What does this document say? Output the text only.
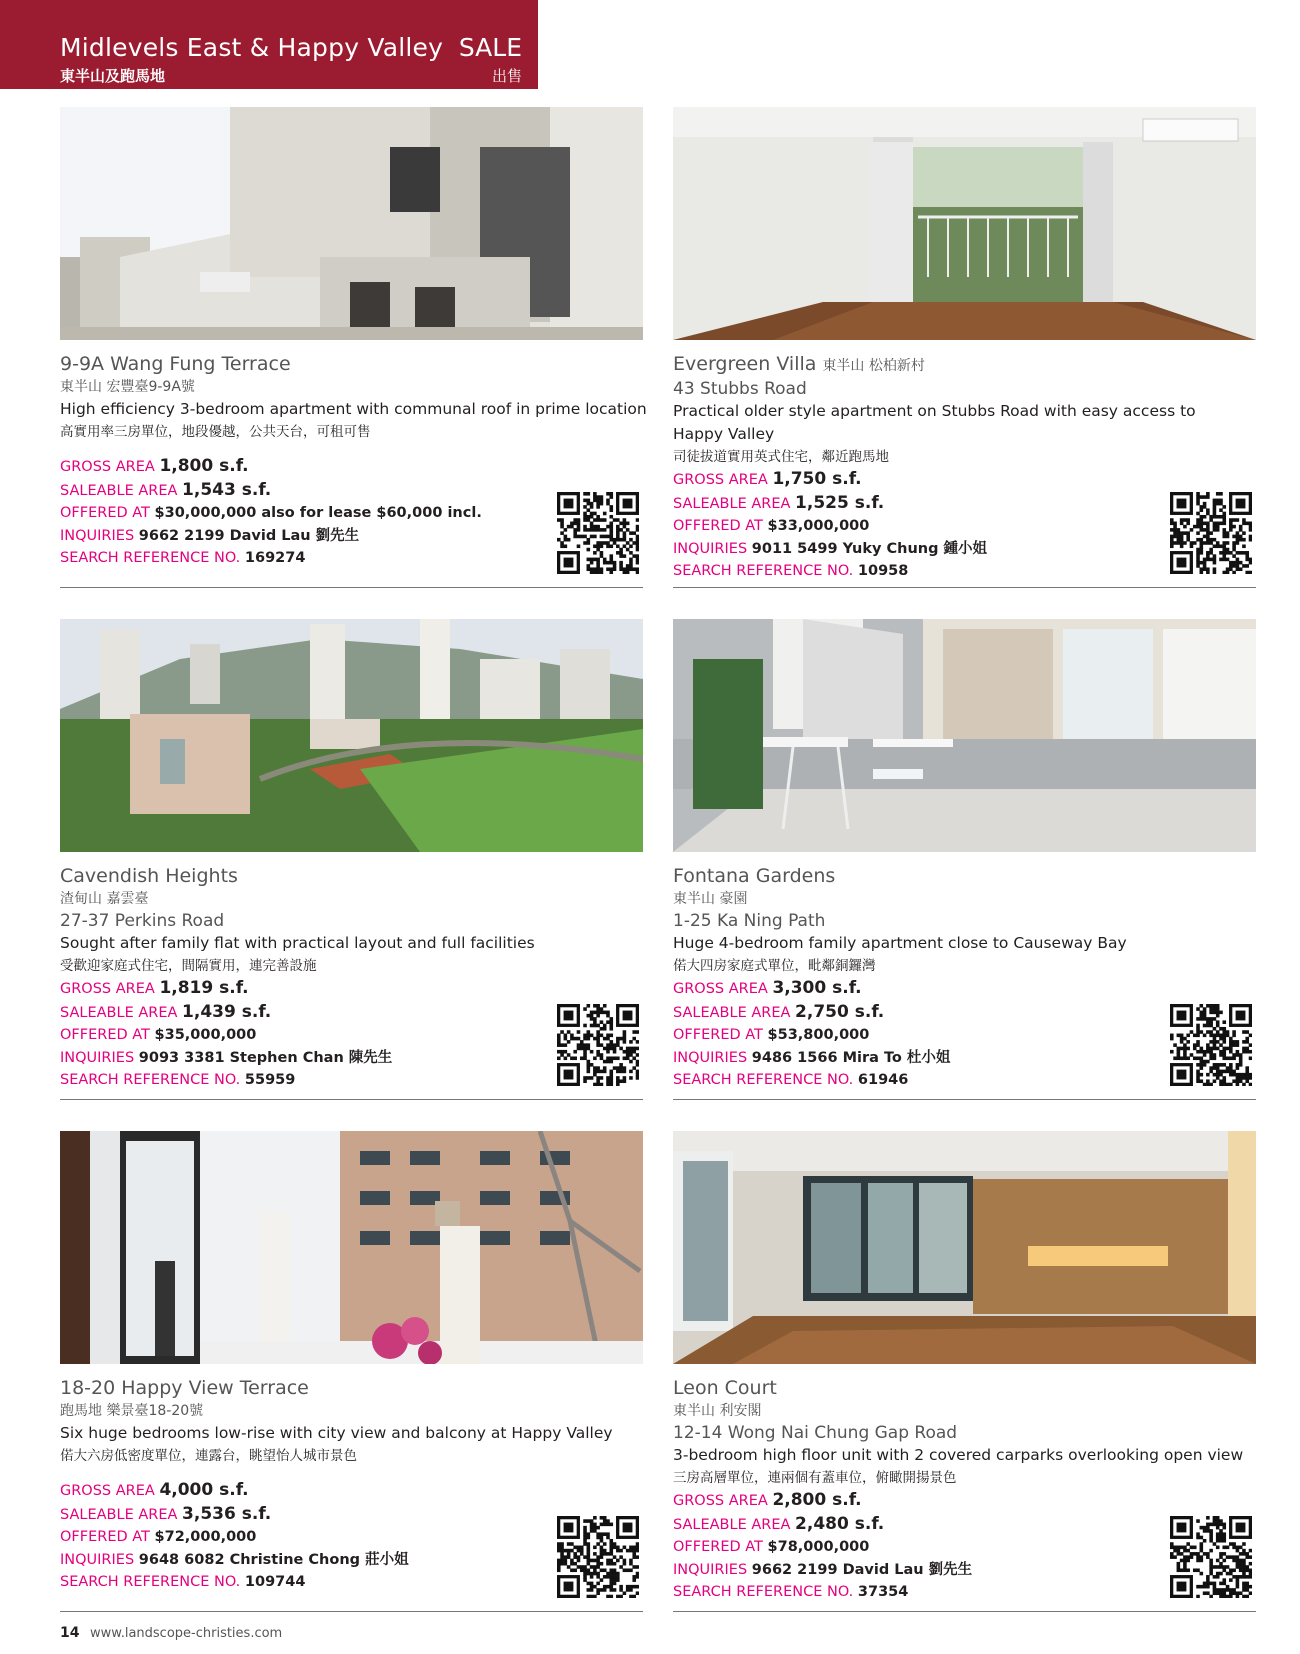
Midlevels East & Happy Valley
東半山及跑馬地
SALE
出售
9-9A Wang Fung Terrace
東半山 宏豐臺9-9A號
High efficiency 3-bedroom apartment with communal roof in prime location
高實用率三房單位，地段優越，公共天台，可租可售
GROSS AREA 1,800 s.f.
SALEABLE AREA 1,543 s.f.
OFFERED AT $30,000,000 also for lease $60,000 incl.
INQUIRIES 9662 2199 David Lau 劉先生
SEARCH REFERENCE NO. 169274
Evergreen Villa 東半山 松柏新村
43 Stubbs Road
Practical older style apartment on Stubbs Road with easy access to
Happy Valley
司徒拔道實用英式住宅，鄰近跑馬地
GROSS AREA 1,750 s.f.
SALEABLE AREA 1,525 s.f.
OFFERED AT $33,000,000
INQUIRIES 9011 5499 Yuky Chung 鍾小姐
SEARCH REFERENCE NO. 10958
Cavendish Heights
渣甸山 嘉雲臺
27-37 Perkins Road
Sought after family flat with practical layout and full facilities
受歡迎家庭式住宅，間隔實用，連完善設施
GROSS AREA 1,819 s.f.
SALEABLE AREA 1,439 s.f.
OFFERED AT $35,000,000
INQUIRIES 9093 3381 Stephen Chan 陳先生
SEARCH REFERENCE NO. 55959
Fontana Gardens
東半山 豪園
1-25 Ka Ning Path
Huge 4-bedroom family apartment close to Causeway Bay
偌大四房家庭式單位，毗鄰銅鑼灣
GROSS AREA 3,300 s.f.
SALEABLE AREA 2,750 s.f.
OFFERED AT $53,800,000
INQUIRIES 9486 1566 Mira To 杜小姐
SEARCH REFERENCE NO. 61946
18-20 Happy View Terrace
跑馬地 樂景臺18-20號
Six huge bedrooms low-rise with city view and balcony at Happy Valley
偌大六房低密度單位，連露台，眺望怡人城市景色
GROSS AREA 4,000 s.f.
SALEABLE AREA 3,536 s.f.
OFFERED AT $72,000,000
INQUIRIES 9648 6082 Christine Chong 莊小姐
SEARCH REFERENCE NO. 109744
Leon Court
東半山 利安閣
12-14 Wong Nai Chung Gap Road
3-bedroom high floor unit with 2 covered carparks overlooking open view
三房高層單位，連兩個有蓋車位，俯瞰開揚景色
GROSS AREA 2,800 s.f.
SALEABLE AREA 2,480 s.f.
OFFERED AT $78,000,000
INQUIRIES 9662 2199 David Lau 劉先生
SEARCH REFERENCE NO. 37354
14 www.landscope-christies.com
